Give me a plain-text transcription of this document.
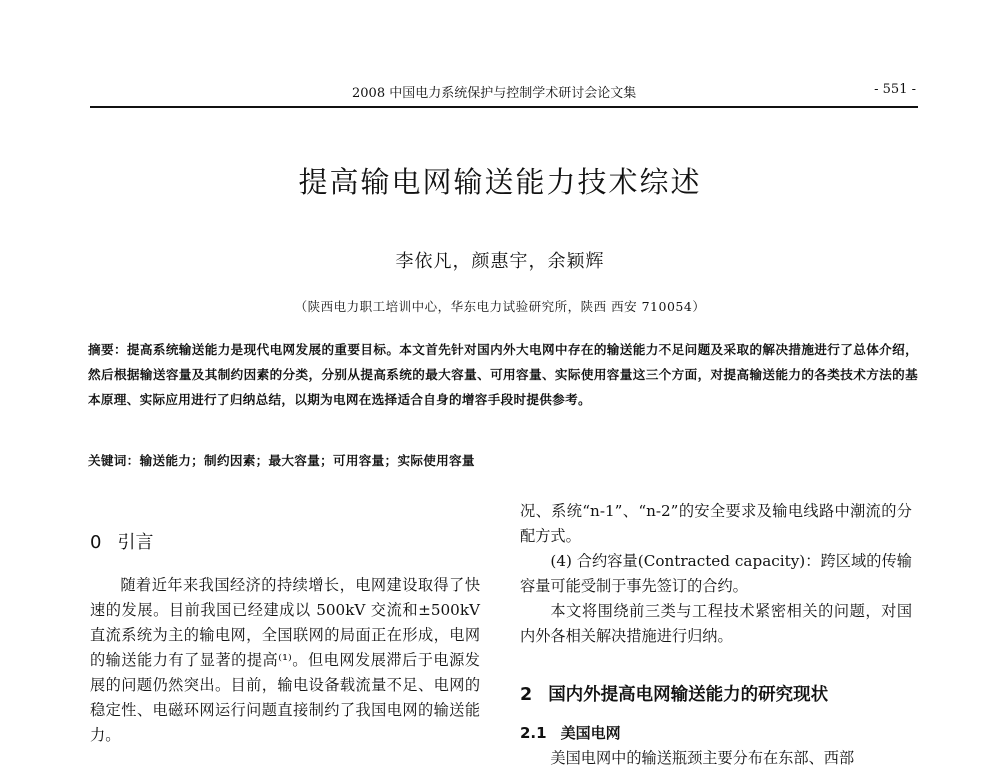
2008 中国电力系统保护与控制学术研讨会论文集	- 551 -
提高输电网输送能力技术综述
李依凡，颜惠宇，余颖辉
（陕西电力职工培训中心，华东电力试验研究所，陕西 西安 710054）
摘要：提高系统输送能力是现代电网发展的重要目标。本文首先针对国内外大电网中存在的输送能力不足问题及采取的解决措施进行了总体介绍，然后根据输送容量及其制约因素的分类，分别从提高系统的最大容量、可用容量、实际使用容量这三个方面，对提高输送能力的各类技术方法的基本原理、实际应用进行了归纳总结，以期为电网在选择适合自身的增容手段时提供参考。
关键词：输送能力；制约因素；最大容量；可用容量；实际使用容量
0 引言
随着近年来我国经济的持续增长，电网建设取得了快速的发展。目前我国已经建成以 500kV 交流和±500kV 直流系统为主的输电网，全国联网的局面正在形成，电网的输送能力有了显著的提高⁽¹⁾。但电网发展滞后于电源发展的问题仍然突出。目前，输电设备载流量不足、电网的稳定性、电磁环网运行问题直接制约了我国电网的输送能力。

况、系统“n-1”、“n-2”的安全要求及输电线路中潮流的分配方式。

(4) 合约容量(Contracted capacity)：跨区域的传输容量可能受制于事先签订的合约。

本文将围绕前三类与工程技术紧密相关的问题，对国内外各相关解决措施进行归纳。

2 国内外提高电网输送能力的研究现状
2.1 美国电网
美国电网中的输送瓶颈主要分布在东部、西部
